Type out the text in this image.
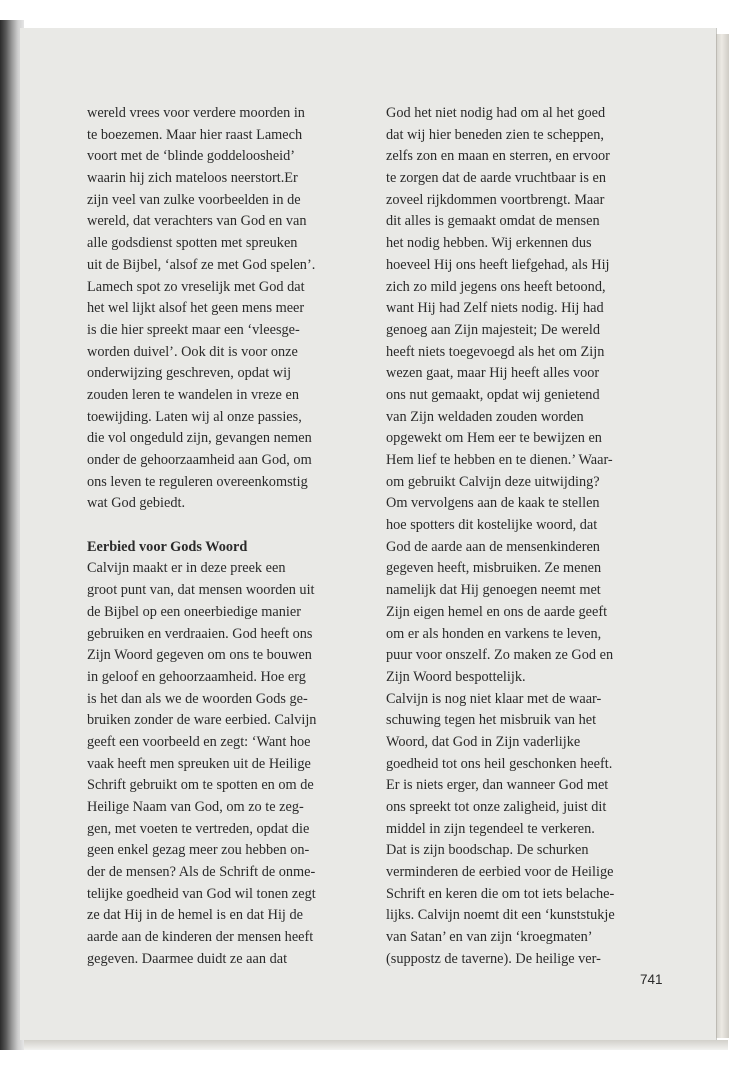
wereld vrees voor verdere moorden in
te boezemen. Maar hier raast Lamech
voort met de ‘blinde goddeloosheid’
waarin hij zich mateloos neerstort.Er
zijn veel van zulke voorbeelden in de
wereld, dat verachters van God en van
alle godsdienst spotten met spreuken
uit de Bijbel, ‘alsof ze met God spelen’.
Lamech spot zo vreselijk met God dat
het wel lijkt alsof het geen mens meer
is die hier spreekt maar een ‘vleesge-
worden duivel’. Ook dit is voor onze
onderwijzing geschreven, opdat wij
zouden leren te wandelen in vreze en
toewijding. Laten wij al onze passies,
die vol ongeduld zijn, gevangen nemen
onder de gehoorzaamheid aan God, om
ons leven te reguleren overeenkomstig
wat God gebiedt.
Eerbied voor Gods Woord
Calvijn maakt er in deze preek een
groot punt van, dat mensen woorden uit
de Bijbel op een oneerbiedige manier
gebruiken en verdraaien. God heeft ons
Zijn Woord gegeven om ons te bouwen
in geloof en gehoorzaamheid. Hoe erg
is het dan als we de woorden Gods ge-
bruiken zonder de ware eerbied. Calvijn
geeft een voorbeeld en zegt: ‘Want hoe
vaak heeft men spreuken uit de Heilige
Schrift gebruikt om te spotten en om de
Heilige Naam van God, om zo te zeg-
gen, met voeten te vertreden, opdat die
geen enkel gezag meer zou hebben on-
der de mensen? Als de Schrift de onme-
telijke goedheid van God wil tonen zegt
ze dat Hij in de hemel is en dat Hij de
aarde aan de kinderen der mensen heeft
gegeven. Daarmee duidt ze aan dat
God het niet nodig had om al het goed
dat wij hier beneden zien te scheppen,
zelfs zon en maan en sterren, en ervoor
te zorgen dat de aarde vruchtbaar is en
zoveel rijkdommen voortbrengt. Maar
dit alles is gemaakt omdat de mensen
het nodig hebben. Wij erkennen dus
hoeveel Hij ons heeft liefgehad, als Hij
zich zo mild jegens ons heeft betoond,
want Hij had Zelf niets nodig. Hij had
genoeg aan Zijn majesteit; De wereld
heeft niets toegevoegd als het om Zijn
wezen gaat, maar Hij heeft alles voor
ons nut gemaakt, opdat wij genietend
van Zijn weldaden zouden worden
opgewekt om Hem eer te bewijzen en
Hem lief te hebben en te dienen.’ Waar-
om gebruikt Calvijn deze uitwijding?
Om vervolgens aan de kaak te stellen
hoe spotters dit kostelijke woord, dat
God de aarde aan de mensenkinderen
gegeven heeft, misbruiken. Ze menen
namelijk dat Hij genoegen neemt met
Zijn eigen hemel en ons de aarde geeft
om er als honden en varkens te leven,
puur voor onszelf. Zo maken ze God en
Zijn Woord bespottelijk.
Calvijn is nog niet klaar met de waar-
schuwing tegen het misbruik van het
Woord, dat God in Zijn vaderlijke
goedheid tot ons heil geschonken heeft.
Er is niets erger, dan wanneer God met
ons spreekt tot onze zaligheid, juist dit
middel in zijn tegendeel te verkeren.
Dat is zijn boodschap. De schurken
verminderen de eerbied voor de Heilige
Schrift en keren die om tot iets belache-
lijks. Calvijn noemt dit een ‘kunststukje
van Satan’ en van zijn ‘kroegmaten’
(suppostz de taverne). De heilige ver-
741
